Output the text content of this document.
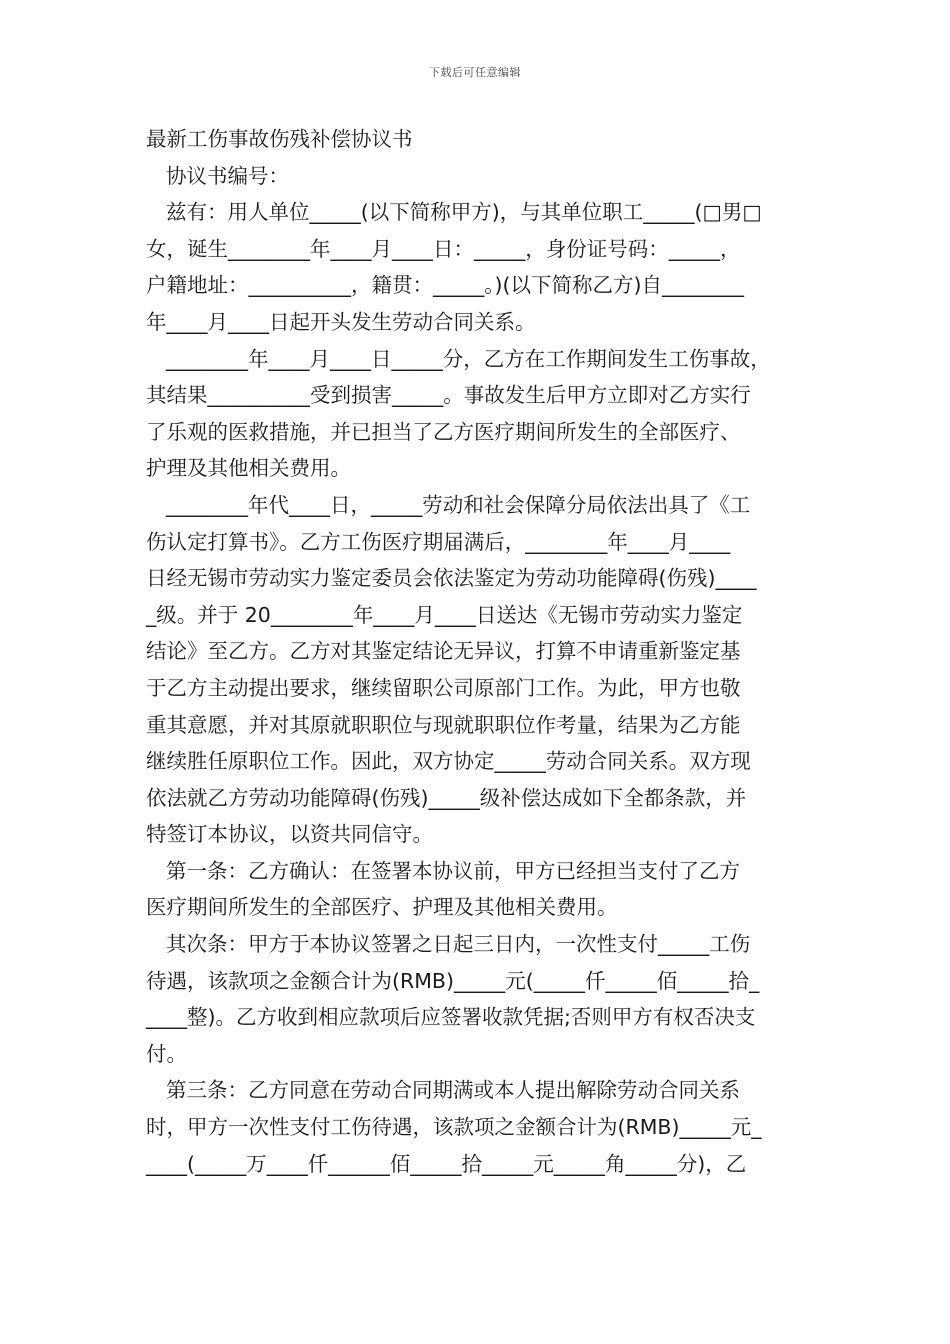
下载后可任意编辑
最新工伤事故伤残补偿协议书
协议书编号：
兹有：用人单位_____(以下简称甲方)，与其单位职工_____(□男□
女，诞生________年____月____日：_____，身份证号码：_____，
户籍地址：__________，籍贯：_____。)(以下简称乙方)自________
年____月____日起开头发生劳动合同关系。
________年____月____日_____分，乙方在工作期间发生工伤事故，
其结果__________受到损害_____。事故发生后甲方立即对乙方实行
了乐观的医救措施，并已担当了乙方医疗期间所发生的全部医疗、
护理及其他相关费用。
________年代____日，_____劳动和社会保障分局依法出具了《工
伤认定打算书》。乙方工伤医疗期届满后，________年____月____
日经无锡市劳动实力鉴定委员会依法鉴定为劳动功能障碍(伤残)____
_级。并于 20________年____月____日送达《无锡市劳动实力鉴定
结论》至乙方。乙方对其鉴定结论无异议，打算不申请重新鉴定基
于乙方主动提出要求，继续留职公司原部门工作。为此，甲方也敬
重其意愿，并对其原就职职位与现就职职位作考量，结果为乙方能
继续胜任原职位工作。因此，双方协定_____劳动合同关系。双方现
依法就乙方劳动功能障碍(伤残)_____级补偿达成如下全都条款，并
特签订本协议，以资共同信守。
第一条：乙方确认：在签署本协议前，甲方已经担当支付了乙方
医疗期间所发生的全部医疗、护理及其他相关费用。
其次条：甲方于本协议签署之日起三日内，一次性支付_____工伤
待遇，该款项之金额合计为(RMB)_____元(_____仟_____佰_____拾_
____整)。乙方收到相应款项后应签署收款凭据;否则甲方有权否决支
付。
第三条：乙方同意在劳动合同期满或本人提出解除劳动合同关系
时，甲方一次性支付工伤待遇，该款项之金额合计为(RMB)_____元_
____(_____万____仟______佰_____拾_____元_____角_____分)，乙
